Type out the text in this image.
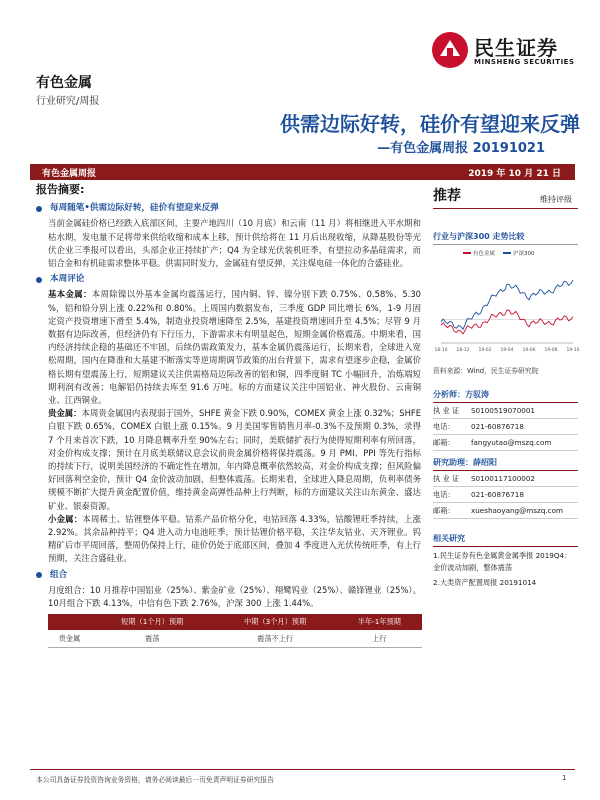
民生证券
MINSHENG SECURITIES
有色金属
行业研究/周报
供需边际好转，硅价有望迎来反弹
—有色金属周报 20191021
有色金属周报	2019 年 10 月 21 日
报告摘要:
每周随笔•供需边际好转，硅价有望迎来反弹
当前金属硅价格已经跌入底部区间，主要产地四川（10 月底）和云南（11 月）将相继进入平水期和枯水期，发电量不足将带来供给收缩和成本上移，预计供给将在 11 月后出现收缩，从降基股份等光伏企业三季报可以看出，头部企业正持续扩产；Q4 为全球光伏装机旺季，有望拉动多晶硅需求，而铝合金和有机硅需求整体平稳。供需同时发力，金属硅有望反弹，关注煤电硅一体化的合盛硅业。
本周评论
基本金属：本周除镍以外基本金属均震荡运行，国内铜、锌、镍分别下跌 0.75%、0.58%、5.30 %，铝和铅分别上涨 0.22%和 0.80%。上周国内数据发布，三季度 GDP 同比增长 6%，1-9 月固定资产投资增速下滑至 5.4%，制造业投资增速降至 2.5%，基建投资增速回升至 4.5%；尽管 9 月数据有边际改善，但经济仍有下行压力，下游需求未有明显起色，短期金属价格震荡。中期来看，国内经济持续企稳的基础还不牢固，后续仍需政策发力，基本金属仍震荡运行，长期来看，全球进入宽松周期，国内在降准和大基建不断落实等逆周期调节政策的出台背景下，需求有望逐步企稳，金属价格长期有望震荡上行，短期建议关注供需格局边际改善的铝和铜，四季度铜 TC 小幅回升，冶炼端短期利润有改善；电解铝仍持续去库至 91.6 万吨。标的方面建议关注中国铝业、神火股份、云南铜业、江西铜业。
贵金属：本周贵金属国内表现弱于国外，SHFE 黄金下跌 0.90%，COMEX 黄金上涨 0.32%；SHFE 白银下跌 0.65%，COMEX 白银上涨 0.15%。9 月美国零售销售月率-0.3%不及预期 0.3%，录得 7 个月来首次下跌，10 月降息概率升至 90%左右；同时，美联储扩表行为使得短期利率有所回落，对金价构成支撑；预计在月底美联储议息会议前贵金属价格将保持震荡。9 月 PMI、PPI 等先行指标的持续下行，说明美国经济的不确定性在增加，年内降息概率依然较高，对金价构成支撑；但风险偏好回落利空金价，预计 Q4 金价波动加剧，但整体震荡。长期来看，全球进入降息周期，负利率债务规模不断扩大提升黄金配置价值，维持黄金高弹性品种上行判断，标的方面建议关注山东黄金、盛达矿业、银泰资源。
小金属：本周稀土、钴锂整体平稳。钴系产品价格分化，电钴回落 4.33%，钴酸锂旺季持续，上涨 2.92%。其余品种持平；Q4 进入动力电池旺季，预计钴锂价格平稳，关注华友钴业、天齐锂业。钨精矿后市平周回落，整周仍保持上行，硅价仍处于底部区间，叠加 4 季度进入光伏传统旺季，有上行预期，关注合盛硅业。
组合
月度组合：10 月推荐中国铝业（25%）、紫金矿业（25%）、翔鹭钨业（25%）、赣锋锂业（25%）。10月组合下跌 4.13%，中信有色下跌 2.76%，沪深 300 上涨 1.44%。
	短期（1个月）预期	中期（3个月）预期	半年-1年预期
贵金属	震荡	震荡不上行	上行
推荐	维持评级
行业与沪深300 走势比较
有色金属	沪深300
18-10 18-12 19-02 19-04 19-06 19-08 19-10
资料来源：Wind，民生证券研究院
分析师：方驭涛
执 业 证	S0100519070001
电话：	021-60876718
邮箱：	fangyutao@mszq.com
研究助理：薛绍阳
执 业 证	S0100117100002
电话：	021-60876718
邮箱：	xueshaoyang@mszq.com
相关研究
1.民生证券有色金属黄金属季报 2019Q4：金价波动加剧，整体震荡
2.大类资产配置周报 20191014
本公司具备证券投资咨询业务资格，请务必阅读最后一页免责声明证券研究报告	1
